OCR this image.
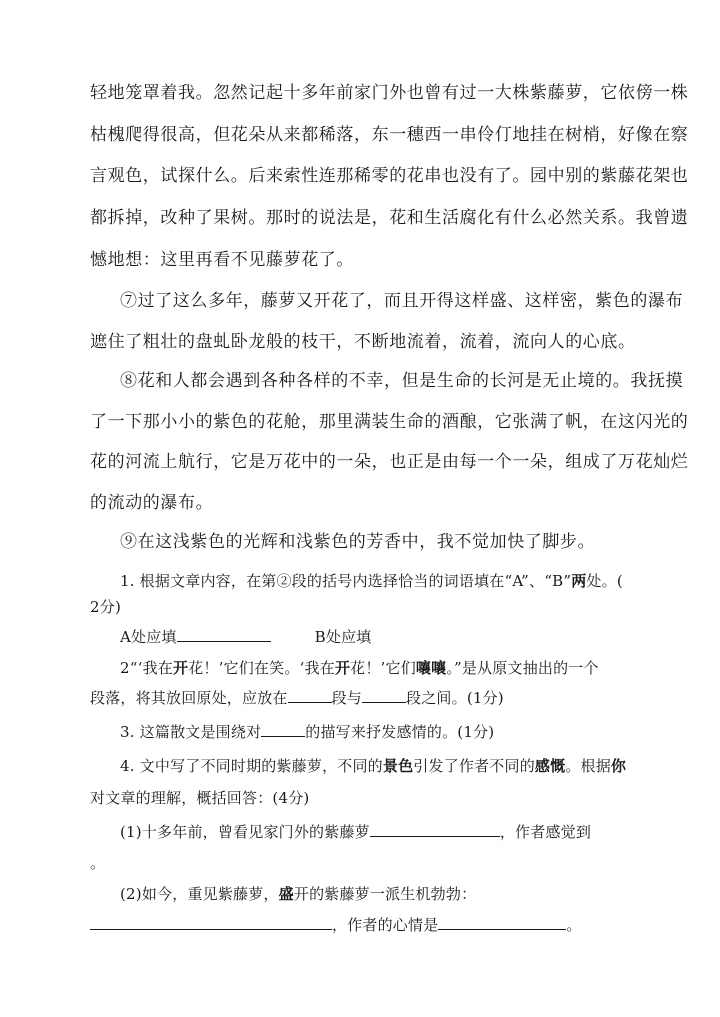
轻地笼罩着我。忽然记起十多年前家门外也曾有过一大株紫藤萝，它依傍一株
枯槐爬得很高，但花朵从来都稀落，东一穗西一串伶仃地挂在树梢，好像在察
言观色，试探什么。后来索性连那稀零的花串也没有了。园中别的紫藤花架也
都拆掉，改种了果树。那时的说法是，花和生活腐化有什么必然关系。我曾遗
憾地想：这里再看不见藤萝花了。
⑦过了这么多年，藤萝又开花了，而且开得这样盛、这样密，紫色的瀑布
遮住了粗壮的盘虬卧龙般的枝干，不断地流着，流着，流向人的心底。
⑧花和人都会遇到各种各样的不幸，但是生命的长河是无止境的。我抚摸
了一下那小小的紫色的花舱，那里满装生命的酒酿，它张满了帆，在这闪光的
花的河流上航行，它是万花中的一朵，也正是由每一个一朵，组成了万花灿烂
的流动的瀑布。
⑨在这浅紫色的光辉和浅紫色的芳香中，我不觉加快了脚步。
1. 根据文章内容，在第②段的括号内选择恰当的词语填在“A”、“B”两处。(
2分)
A处应填	B处应填
2“‘我在开花！’它们在笑。‘我在开花！’它们嚷嚷。”是从原文抽出的一个
段落，将其放回原处，应放在	段与	段之间。(1分)
3. 这篇散文是围绕对	的描写来抒发感情的。(1分)
4. 文中写了不同时期的紫藤萝，不同的景色引发了作者不同的感慨。根据你
对文章的理解，概括回答：(4分)
(1)十多年前，曾看见家门外的紫藤萝	，作者感觉到
。
(2)如今，重见紫藤萝，盛开的紫藤萝一派生机勃勃：
，作者的心情是	。
